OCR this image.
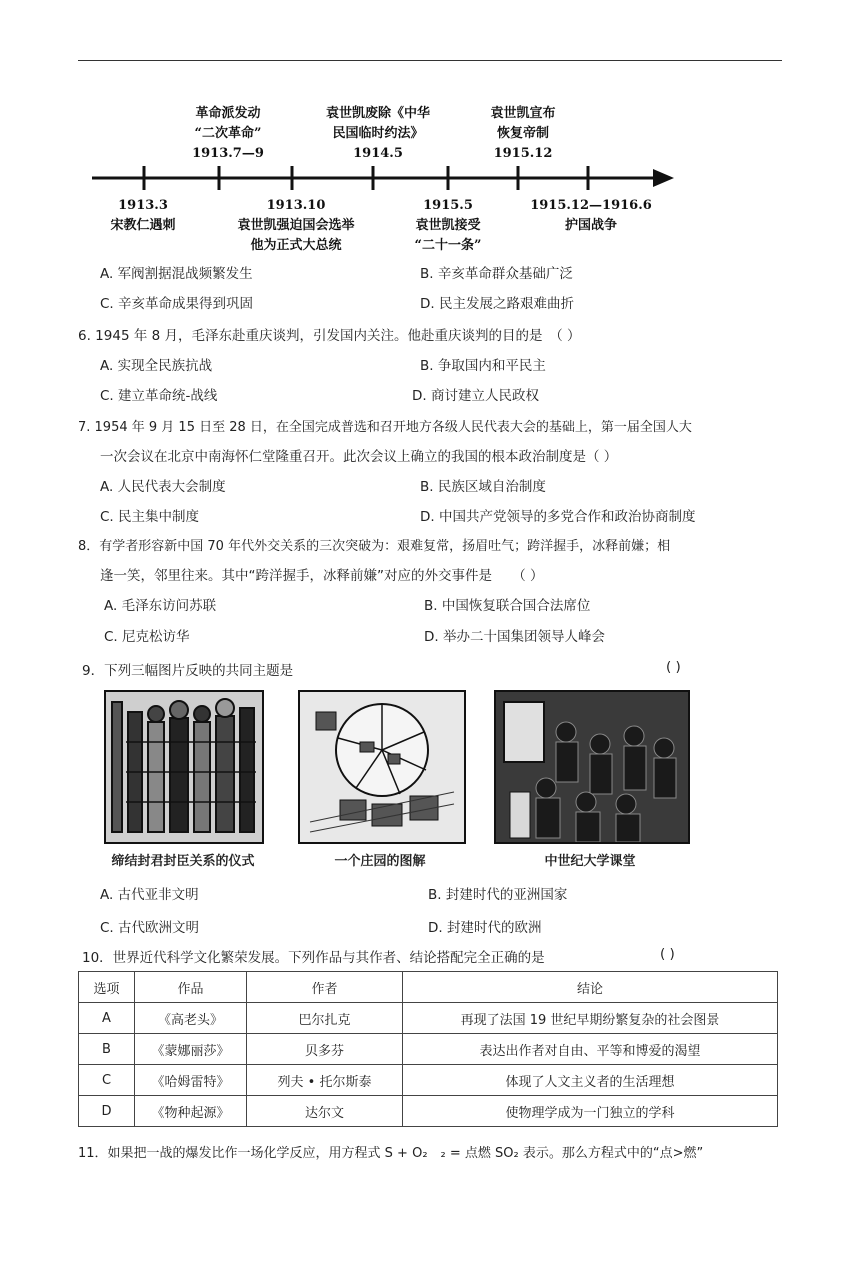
革命派发动
“二次革命”
1913.7—9
袁世凯废除《中华
民国临时约法》
1914.5
袁世凯宣布
恢复帝制
1915.12
1913.3
宋教仁遇刺
1913.10
袁世凯强迫国会选举
他为正式大总统
1915.5
袁世凯接受
“二十一条”
1915.12—1916.6
护国战争
A. 军阀割据混战频繁发生	B. 辛亥革命群众基础广泛
C. 辛亥革命成果得到巩固	D. 民主发展之路艰难曲折
6. 1945 年 8 月，毛泽东赴重庆谈判，引发国内关注。他赴重庆谈判的目的是　（ ）
A. 实现全民族抗战	B. 争取国内和平民主
C. 建立革命统-战线	D. 商讨建立人民政权
7. 1954 年 9 月 15 日至 28 日，在全国完成普选和召开地方各级人民代表大会的基础上，第一届全国人大
一次会议在北京中南海怀仁堂隆重召开。此次会议上确立的我国的根本政治制度是（ ）
A. 人民代表大会制度	B. 民族区域自治制度
C. 民主集中制度	D. 中国共产党领导的多党合作和政治协商制度
8．有学者形容新中国 70 年代外交关系的三次突破为：艰难复常，扬眉吐气；跨洋握手，冰释前嫌；相
逢一笑，邻里往来。其中“跨洋握手，冰释前嫌”对应的外交事件是　　（ ）
A. 毛泽东访问苏联	B. 中国恢复联合国合法席位
C. 尼克松访华	D. 举办二十国集团领导人峰会
9．下列三幅图片反映的共同主题是	( )
缔结封君封臣关系的仪式	一个庄园的图解	中世纪大学课堂
A. 古代亚非文明	B. 封建时代的亚洲国家
C. 古代欧洲文明	D. 封建时代的欧洲
10．世界近代科学文化繁荣发展。下列作品与其作者、结论搭配完全正确的是	( )
选项	作品	作者	结论
A	《高老头》	巴尔扎克	再现了法国 19 世纪早期纷繁复杂的社会图景
B	《蒙娜丽莎》	贝多芬	表达出作者对自由、平等和博爱的渴望
C	《哈姆雷特》	列夫 • 托尔斯泰	体现了人文主义者的生活理想
D	《物种起源》	达尔文	使物理学成为一门独立的学科
11．如果把一战的爆发比作一场化学反应，用方程式 S + O₂　₂ = 点燃 SO₂ 表示。那么方程式中的“点>燃”
